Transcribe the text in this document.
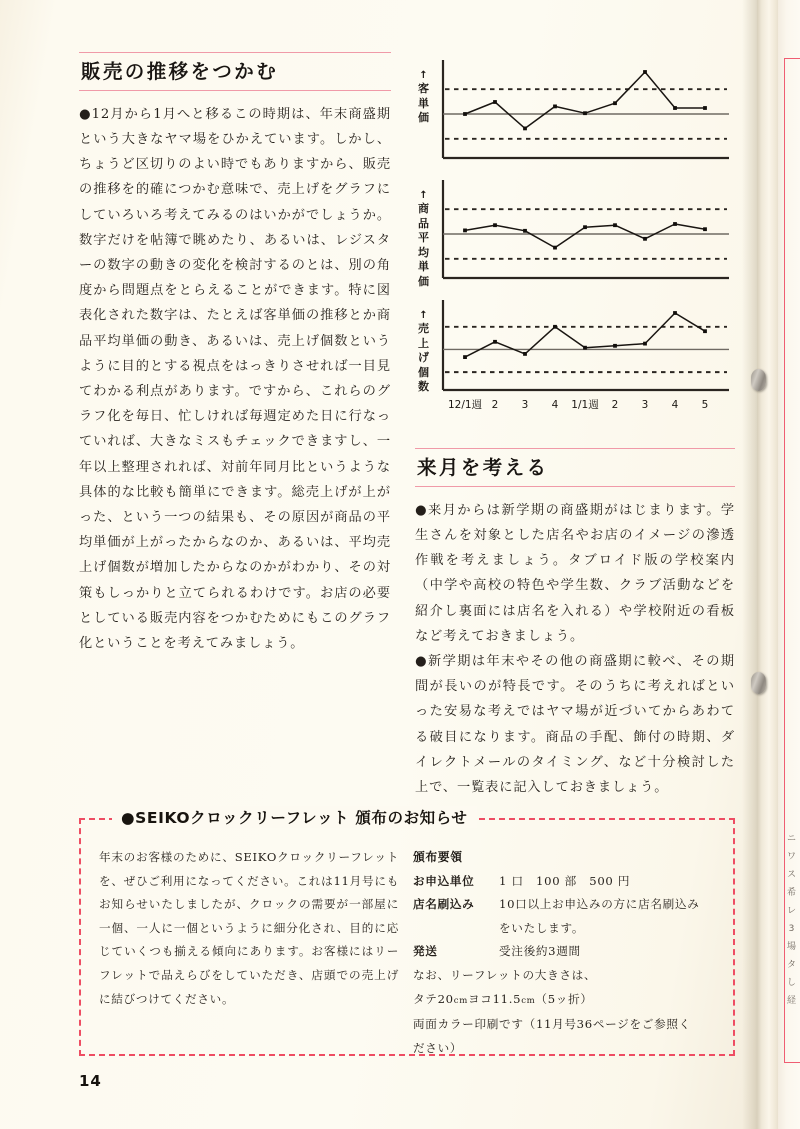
ニ
ワ
ス
希
レ
3
場
タ
し
経
販売の推移をつかむ

●12月から1月へと移るこの時期は、年末商盛期という大きなヤマ場をひかえています。しかし、ちょうど区切りのよい時でもありますから、販売の推移を的確につかむ意味で、売上げをグラフにしていろいろ考えてみるのはいかがでしょうか。数字だけを帖簿で眺めたり、あるいは、レジスターの数字の動きの変化を検討するのとは、別の角度から問題点をとらえることができます。特に図表化された数字は、たとえば客単価の推移とか商品平均単価の動き、あるいは、売上げ個数というように目的とする視点をはっきりさせれば一目見てわかる利点があります。ですから、これらのグラフ化を毎日、忙しければ毎週定めた日に行なっていれば、大きなミスもチェックできますし、一年以上整理されれば、対前年同月比というような具体的な比較も簡単にできます。総売上げが上がった、という一つの結果も、その原因が商品の平均単価が上がったからなのか、あるいは、平均売上げ個数が増加したからなのかがわかり、その対策もしっかりと立てられるわけです。お店の必要としている販売内容をつかむためにもこのグラフ化ということを考えてみましょう。

↑
客
単
価
↑
商
品
平
均
単
価
↑
売
上
げ
個
数
12/1週 2 3 4 1/1週 2 3 4 5
来月を考える

●来月からは新学期の商盛期がはじまります。学生さんを対象とした店名やお店のイメージの滲透作戦を考えましょう。タブロイド版の学校案内（中学や高校の特色や学生数、クラブ活動などを紹介し裏面には店名を入れる）や学校附近の看板など考えておきましょう。

●新学期は年末やその他の商盛期に較べ、その期間が長いのが特長です。そのうちに考えればといった安易な考えではヤマ場が近づいてからあわてる破目になります。商品の手配、飾付の時期、ダイレクトメールのタイミング、など十分検討した上で、一覧表に記入しておきましょう。

●SEIKOクロックリーフレット 頒布のお知らせ

年末のお客様のために、SEIKOクロックリーフレットを、ぜひご利用になってください。これは11月号にもお知らせいたしましたが、クロックの需要が一部屋に一個、一人に一個というように細分化され、目的に応じていくつも揃える傾向にあります。お客様にはリーフレットで品えらびをしていただき、店頭での売上げに結びつけてください。

頒布要領
お申込単位	1 口　100 部　500 円
店名刷込み	10口以上お申込みの方に店名刷込み
をいたします。
発送	受注後約3週間
なお、リーフレットの大きさは、
タテ20cmヨコ11.5cm（5ッ折）
両面カラー印刷です（11月号36ページをご参照く
ださい）
14
